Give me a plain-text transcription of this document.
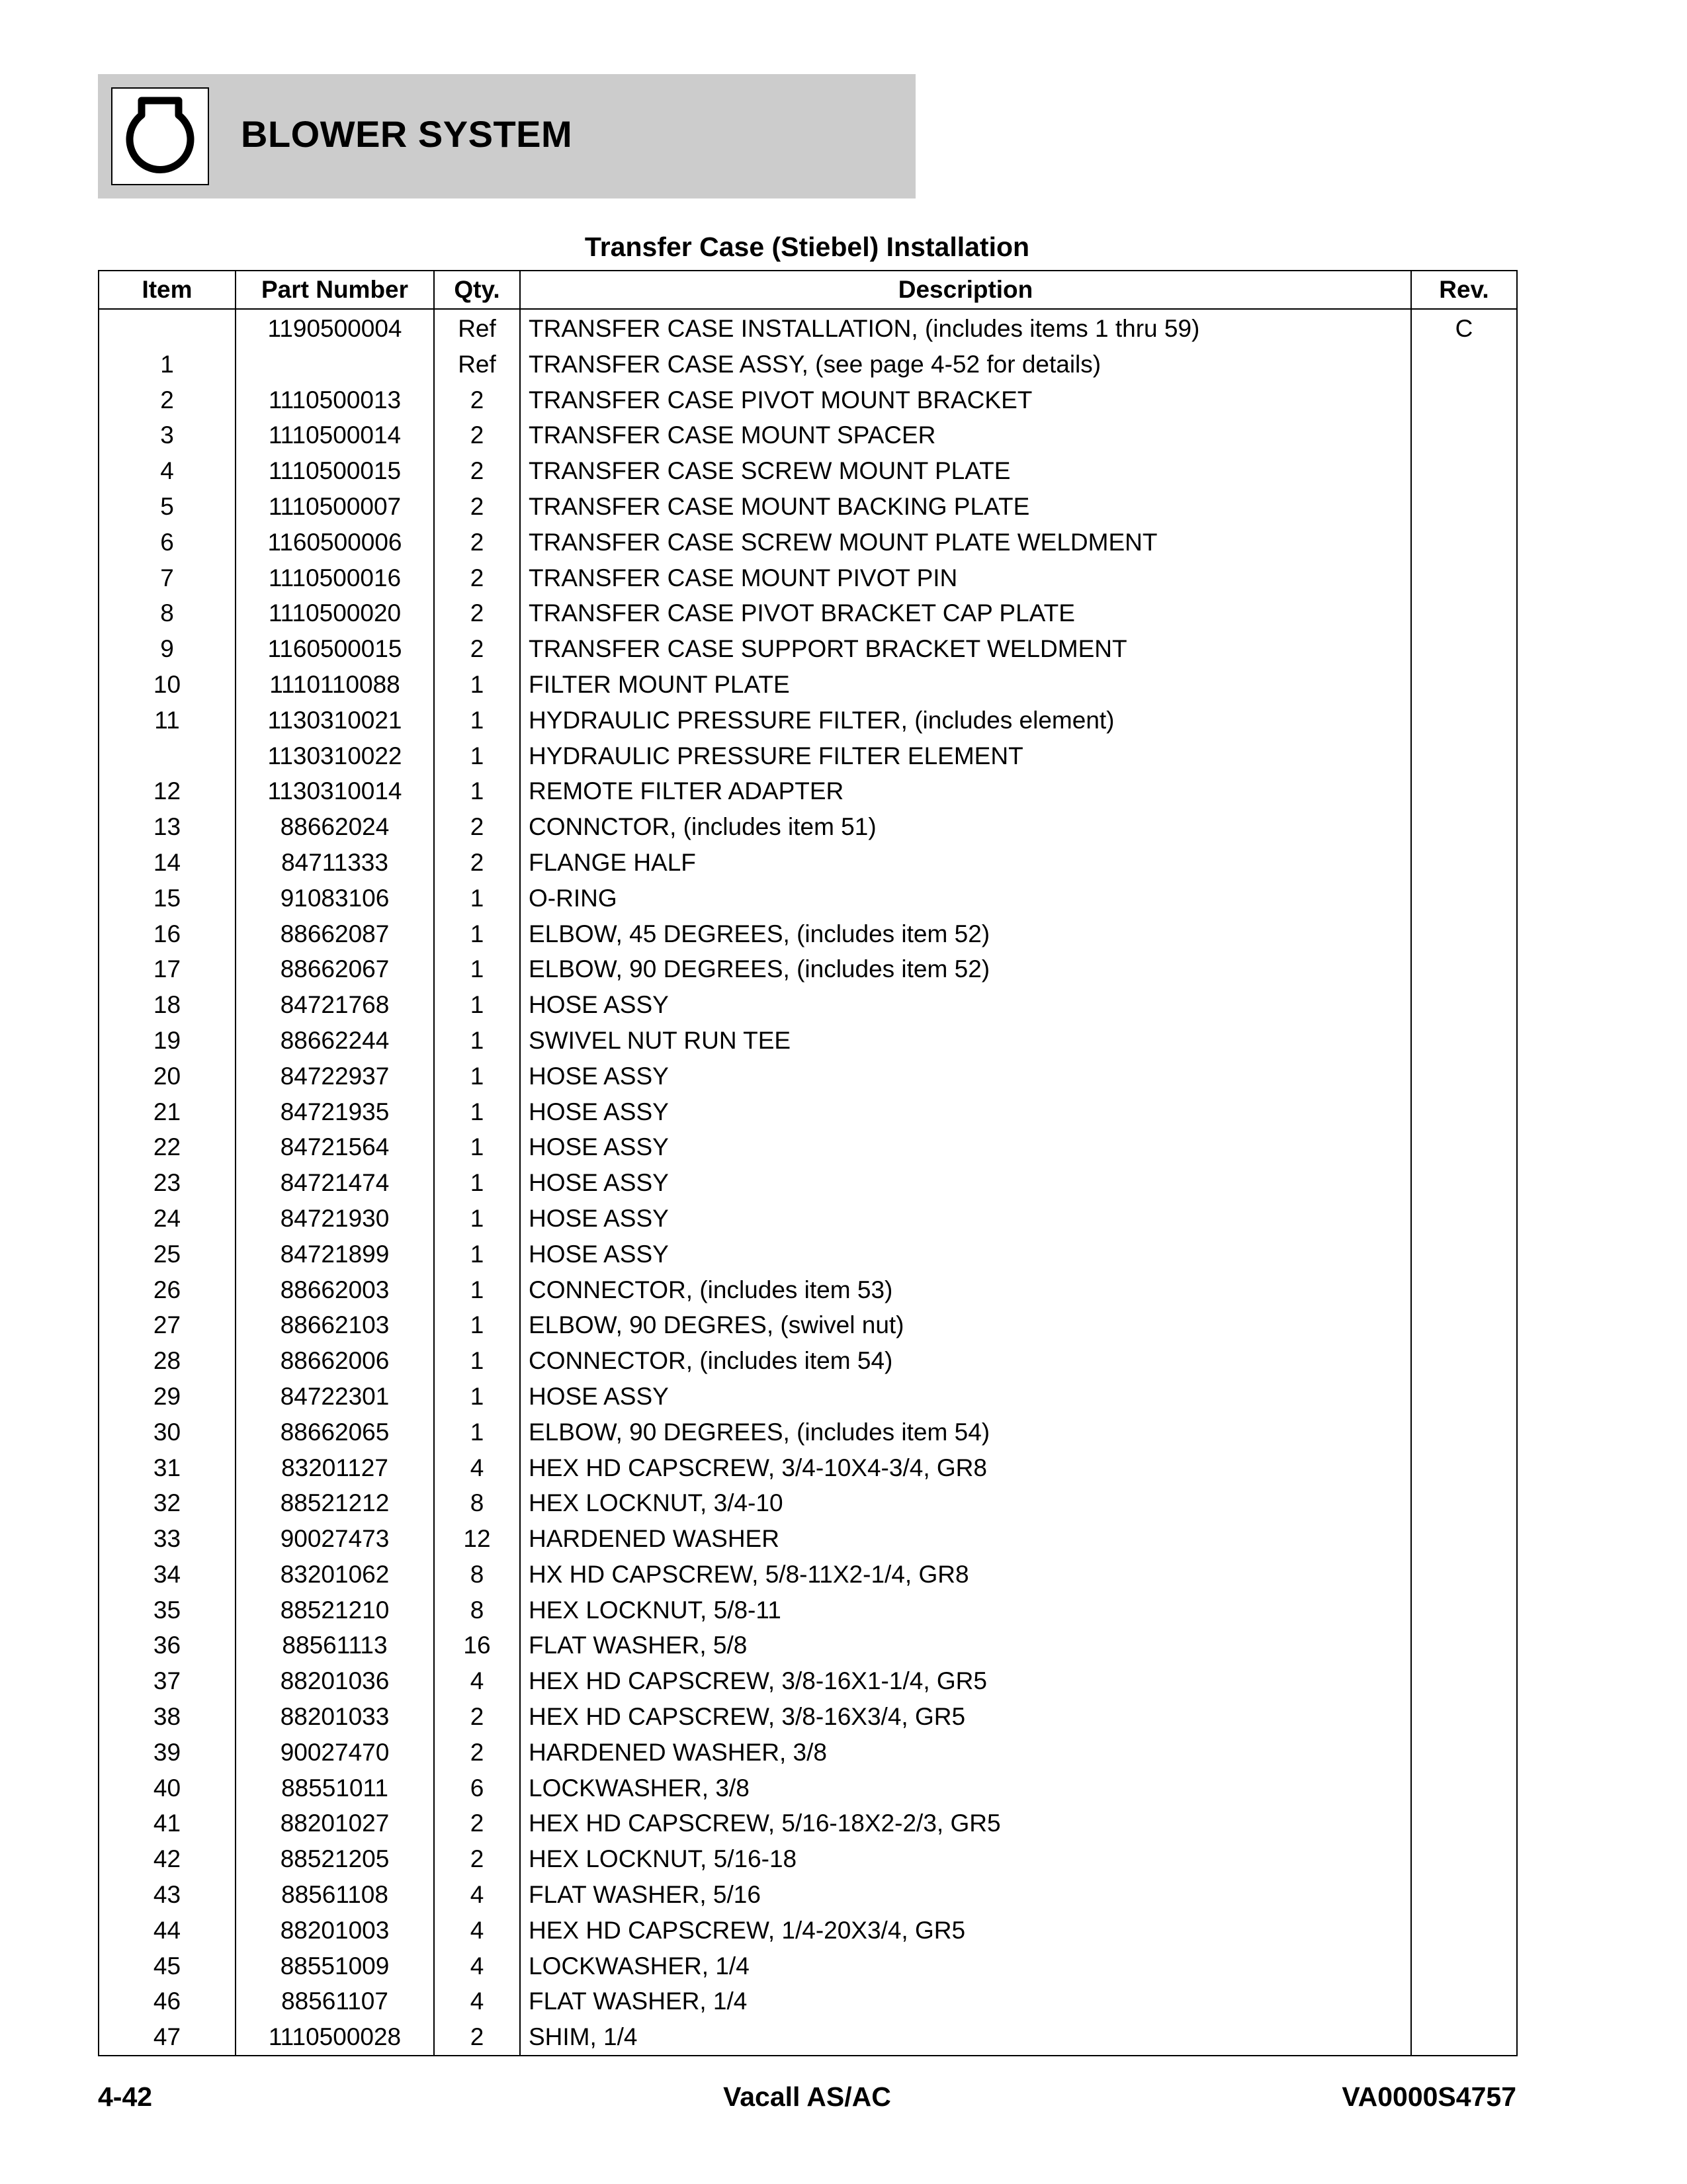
BLOWER SYSTEM
Transfer Case (Stiebel) Installation
Item	Part Number	Qty.	Description	Rev.
	1190500004	Ref	TRANSFER CASE INSTALLATION, (includes items 1 thru 59)	C
1		Ref	TRANSFER CASE ASSY, (see page 4-52 for details)	
2	1110500013	2	TRANSFER CASE PIVOT MOUNT BRACKET	
3	1110500014	2	TRANSFER CASE MOUNT SPACER	
4	1110500015	2	TRANSFER CASE SCREW MOUNT PLATE	
5	1110500007	2	TRANSFER CASE MOUNT BACKING PLATE	
6	1160500006	2	TRANSFER CASE SCREW MOUNT PLATE WELDMENT	
7	1110500016	2	TRANSFER CASE MOUNT PIVOT PIN	
8	1110500020	2	TRANSFER CASE PIVOT BRACKET CAP PLATE	
9	1160500015	2	TRANSFER CASE SUPPORT BRACKET WELDMENT	
10	1110110088	1	FILTER MOUNT PLATE	
11	1130310021	1	HYDRAULIC PRESSURE FILTER, (includes element)	
	1130310022	1	HYDRAULIC PRESSURE FILTER ELEMENT	
12	1130310014	1	REMOTE FILTER ADAPTER	
13	88662024	2	CONNCTOR, (includes item 51)	
14	84711333	2	FLANGE HALF	
15	91083106	1	O-RING	
16	88662087	1	ELBOW, 45 DEGREES, (includes item 52)	
17	88662067	1	ELBOW, 90 DEGREES, (includes item 52)	
18	84721768	1	HOSE ASSY	
19	88662244	1	SWIVEL NUT RUN TEE	
20	84722937	1	HOSE ASSY	
21	84721935	1	HOSE ASSY	
22	84721564	1	HOSE ASSY	
23	84721474	1	HOSE ASSY	
24	84721930	1	HOSE ASSY	
25	84721899	1	HOSE ASSY	
26	88662003	1	CONNECTOR, (includes item 53)	
27	88662103	1	ELBOW, 90 DEGRES, (swivel nut)	
28	88662006	1	CONNECTOR, (includes item 54)	
29	84722301	1	HOSE ASSY	
30	88662065	1	ELBOW, 90 DEGREES, (includes item 54)	
31	83201127	4	HEX HD CAPSCREW, 3/4-10X4-3/4, GR8	
32	88521212	8	HEX LOCKNUT, 3/4-10	
33	90027473	12	HARDENED WASHER	
34	83201062	8	HX HD CAPSCREW, 5/8-11X2-1/4, GR8	
35	88521210	8	HEX LOCKNUT, 5/8-11	
36	88561113	16	FLAT WASHER, 5/8	
37	88201036	4	HEX HD CAPSCREW, 3/8-16X1-1/4, GR5	
38	88201033	2	HEX HD CAPSCREW, 3/8-16X3/4, GR5	
39	90027470	2	HARDENED WASHER, 3/8	
40	88551011	6	LOCKWASHER, 3/8	
41	88201027	2	HEX HD CAPSCREW, 5/16-18X2-2/3, GR5	
42	88521205	2	HEX LOCKNUT, 5/16-18	
43	88561108	4	FLAT WASHER, 5/16	
44	88201003	4	HEX HD CAPSCREW, 1/4-20X3/4, GR5	
45	88551009	4	LOCKWASHER, 1/4	
46	88561107	4	FLAT WASHER, 1/4	
47	1110500028	2	SHIM, 1/4	
4-42	Vacall AS/AC	VA0000S4757
